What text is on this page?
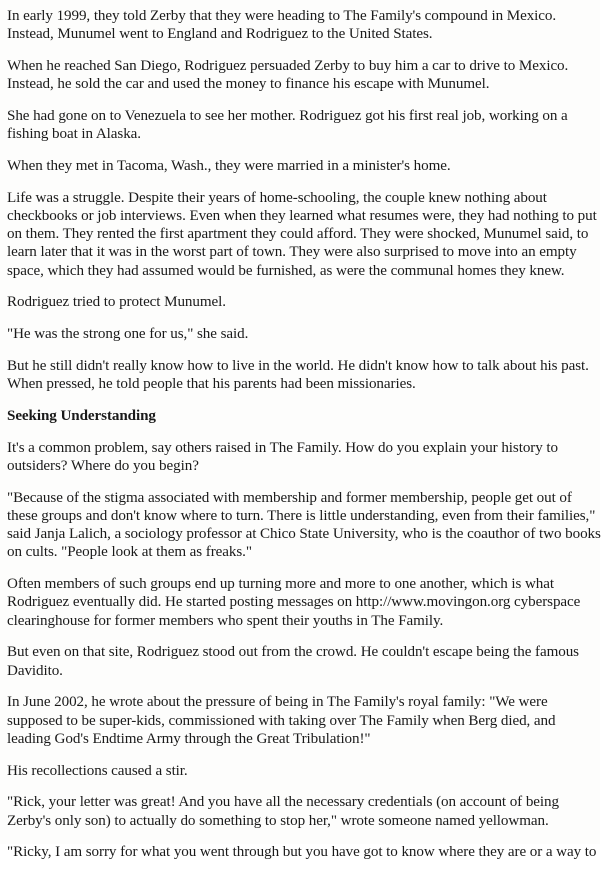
In early 1999, they told Zerby that they were heading to The Family's compound in Mexico.
Instead, Munumel went to England and Rodriguez to the United States.

When he reached San Diego, Rodriguez persuaded Zerby to buy him a car to drive to Mexico.
Instead, he sold the car and used the money to finance his escape with Munumel.

She had gone on to Venezuela to see her mother. Rodriguez got his first real job, working on a
fishing boat in Alaska.

When they met in Tacoma, Wash., they were married in a minister's home.

Life was a struggle. Despite their years of home-schooling, the couple knew nothing about
checkbooks or job interviews. Even when they learned what resumes were, they had nothing to put
on them. They rented the first apartment they could afford. They were shocked, Munumel said, to
learn later that it was in the worst part of town. They were also surprised to move into an empty
space, which they had assumed would be furnished, as were the communal homes they knew.

Rodriguez tried to protect Munumel.

"He was the strong one for us," she said.

But he still didn't really know how to live in the world. He didn't know how to talk about his past.
When pressed, he told people that his parents had been missionaries.

Seeking Understanding

It's a common problem, say others raised in The Family. How do you explain your history to
outsiders? Where do you begin?

"Because of the stigma associated with membership and former membership, people get out of
these groups and don't know where to turn. There is little understanding, even from their families,"
said Janja Lalich, a sociology professor at Chico State University, who is the coauthor of two books
on cults. "People look at them as freaks."

Often members of such groups end up turning more and more to one another, which is what
Rodriguez eventually did. He started posting messages on http://www.movingon.org cyberspace
clearinghouse for former members who spent their youths in The Family.

But even on that site, Rodriguez stood out from the crowd. He couldn't escape being the famous
Davidito.

In June 2002, he wrote about the pressure of being in The Family's royal family: "We were
supposed to be super-kids, commissioned with taking over The Family when Berg died, and
leading God's Endtime Army through the Great Tribulation!"

His recollections caused a stir.

"Rick, your letter was great! And you have all the necessary credentials (on account of being
Zerby's only son) to actually do something to stop her," wrote someone named yellowman.

"Ricky, I am sorry for what you went through but you have got to know where they are or a way to
